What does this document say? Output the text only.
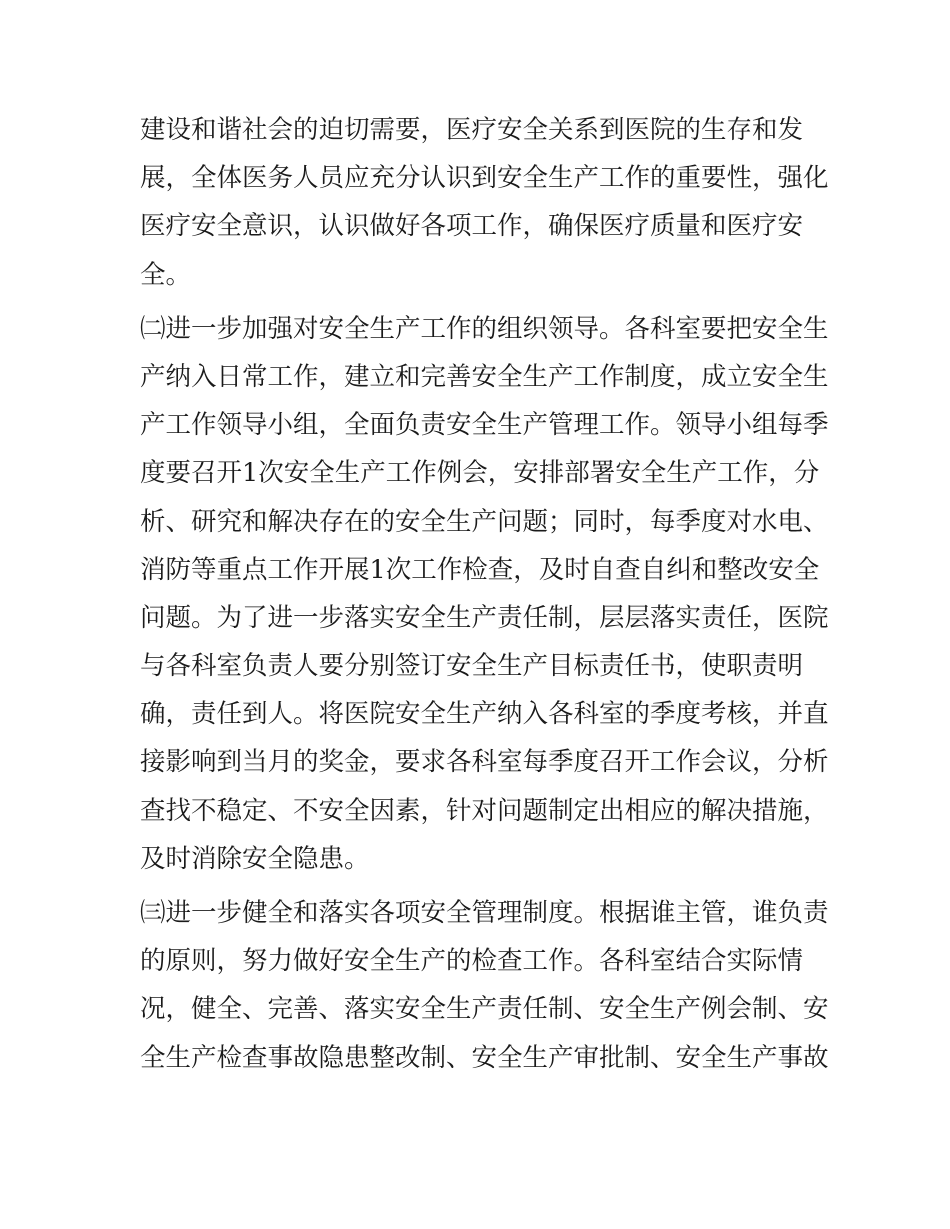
建设和谐社会的迫切需要，医疗安全关系到医院的生存和发
展，全体医务人员应充分认识到安全生产工作的重要性，强化
医疗安全意识，认识做好各项工作，确保医疗质量和医疗安
全。
㈡进一步加强对安全生产工作的组织领导。各科室要把安全生
产纳入日常工作，建立和完善安全生产工作制度，成立安全生
产工作领导小组，全面负责安全生产管理工作。领导小组每季
度要召开1次安全生产工作例会，安排部署安全生产工作，分
析、研究和解决存在的安全生产问题；同时，每季度对水电、
消防等重点工作开展1次工作检查，及时自查自纠和整改安全
问题。为了进一步落实安全生产责任制，层层落实责任，医院
与各科室负责人要分别签订安全生产目标责任书，使职责明
确，责任到人。将医院安全生产纳入各科室的季度考核，并直
接影响到当月的奖金，要求各科室每季度召开工作会议，分析
查找不稳定、不安全因素，针对问题制定出相应的解决措施，
及时消除安全隐患。
㈢进一步健全和落实各项安全管理制度。根据谁主管，谁负责
的原则，努力做好安全生产的检查工作。各科室结合实际情
况，健全、完善、落实安全生产责任制、安全生产例会制、安
全生产检查事故隐患整改制、安全生产审批制、安全生产事故
